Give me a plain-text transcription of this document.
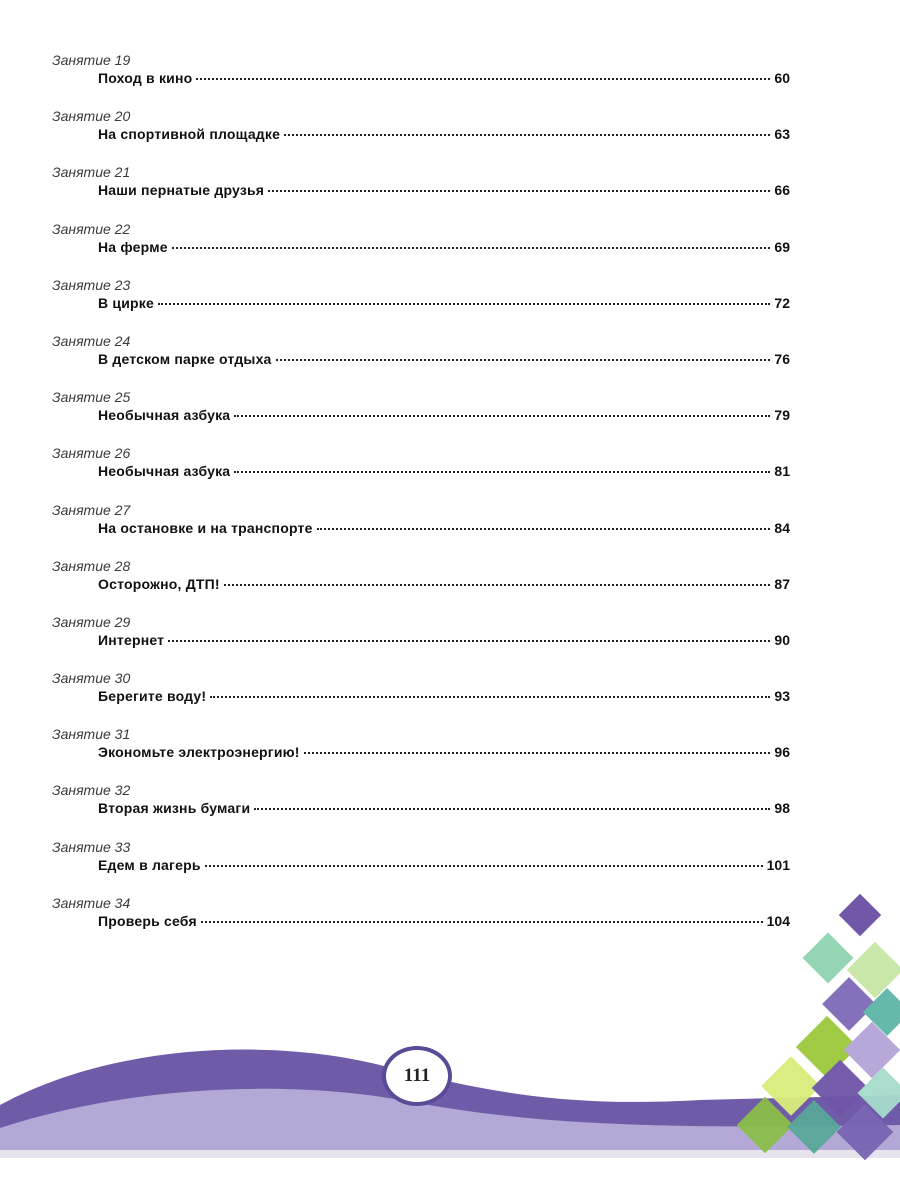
Занятие 19
Поход в кино	60
Занятие 20
На спортивной площадке	63
Занятие 21
Наши пернатые друзья	66
Занятие 22
На ферме	69
Занятие 23
В цирке	72
Занятие 24
В детском парке отдыха	76
Занятие 25
Необычная азбука	79
Занятие 26
Необычная азбука	81
Занятие 27
На остановке и на транспорте	84
Занятие 28
Осторожно, ДТП!	87
Занятие 29
Интернет	90
Занятие 30
Берегите воду!	93
Занятие 31
Экономьте электроэнергию!	96
Занятие 32
Вторая жизнь бумаги	98
Занятие 33
Едем в лагерь	101
Занятие 34
Проверь себя	104
111
